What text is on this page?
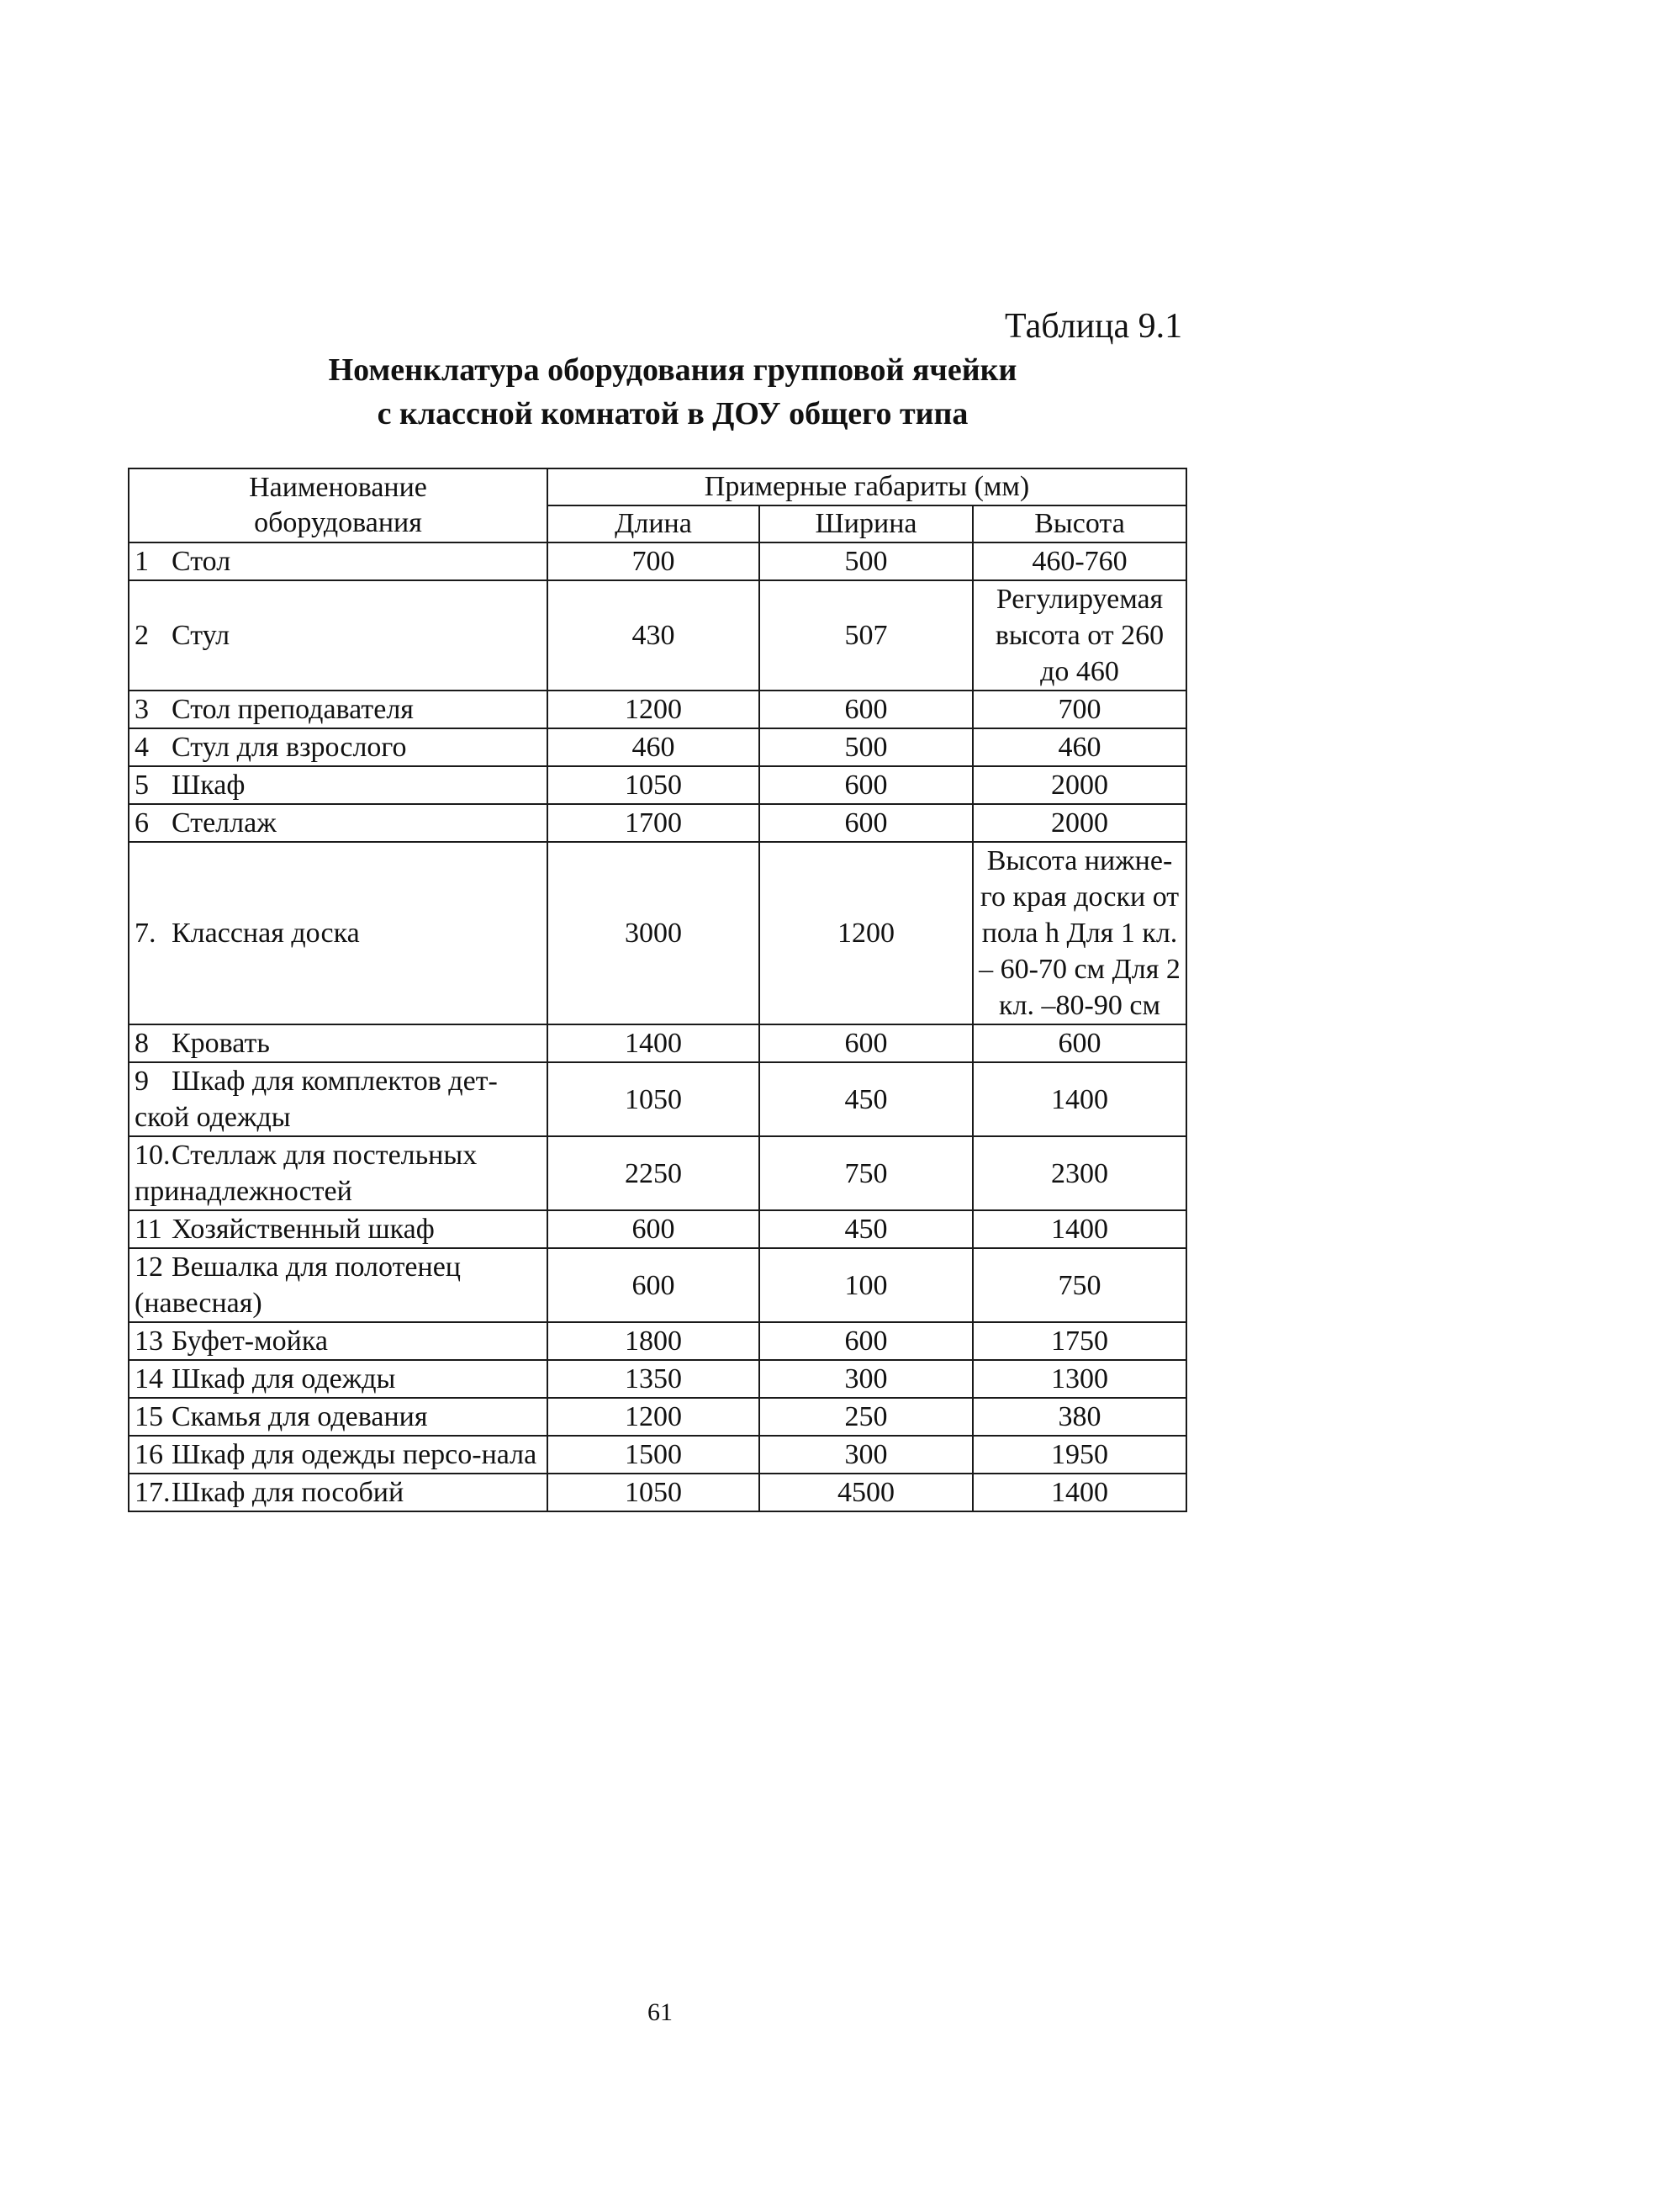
Таблица 9.1
Номенклатура оборудования групповой ячейки
с классной комнатой в ДОУ общего типа
Наименование
оборудования	Примерные габариты (мм)		
	Длина	Ширина	Высота
1 Стол	700	500	460-760
2 Стул	430	507	Регулируемая высота от 260 до 460
3 Стол преподавателя	1200	600	700
4 Стул для взрослого	460	500	460
5 Шкаф	1050	600	2000
6 Стеллаж	1700	600	2000
7. Классная доска	3000	1200	Высота нижне-го края доски от пола h Для 1 кл. – 60-70 см Для 2 кл. –80-90 см
8 Кровать	1400	600	600
9 Шкаф для комплектов дет-ской одежды	1050	450	1400
10.Стеллаж для постельных принадлежностей	2250	750	2300
11 Хозяйственный шкаф	600	450	1400
12 Вешалка для полотенец (навесная)	600	100	750
13 Буфет-мойка	1800	600	1750
14 Шкаф для одежды	1350	300	1300
15 Скамья для одевания	1200	250	380
16 Шкаф для одежды персо-нала	1500	300	1950
17.Шкаф для пособий	1050	4500	1400
61
